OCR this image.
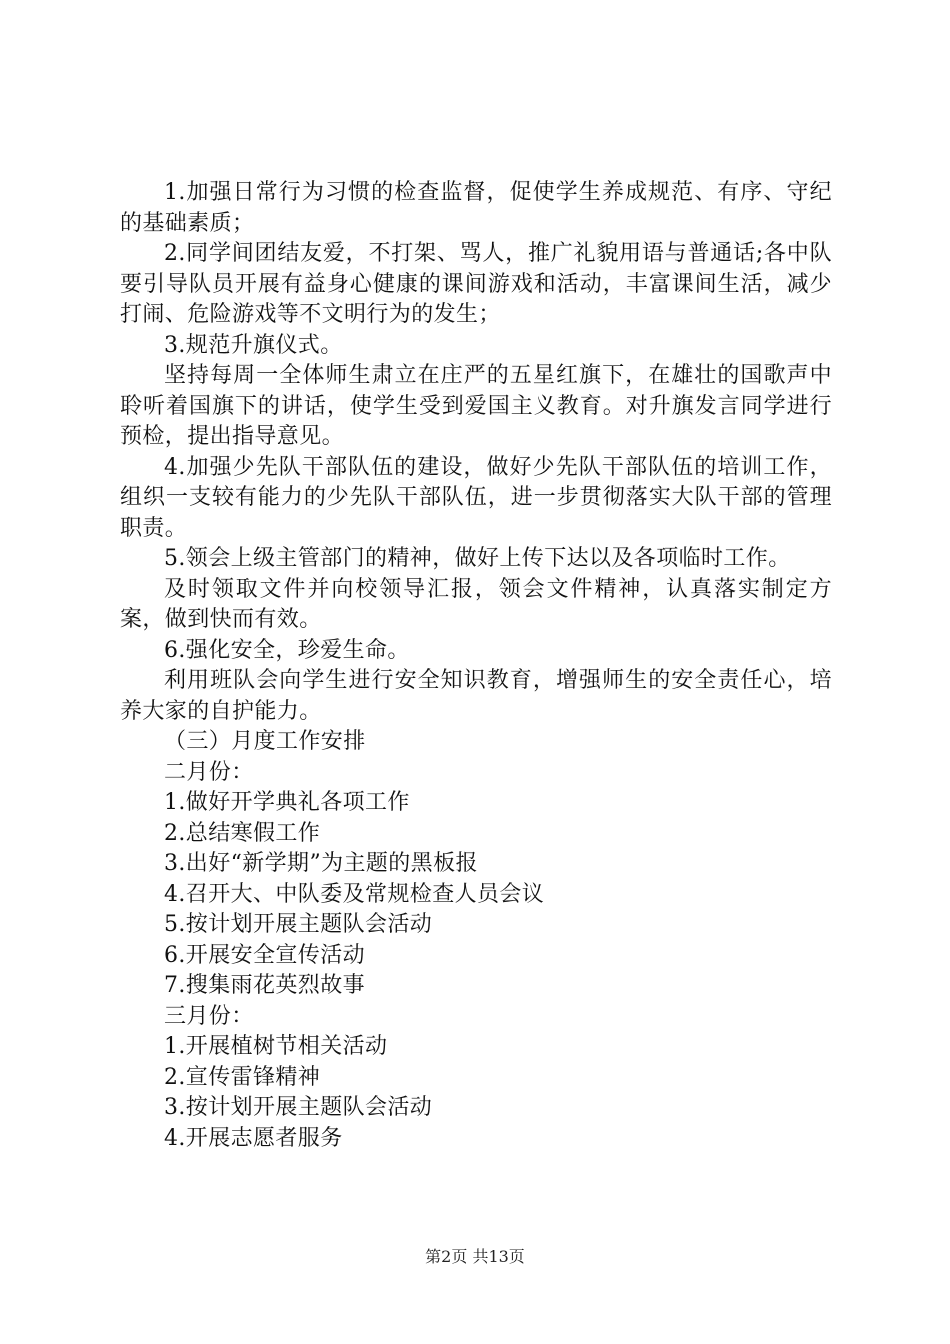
1.加强日常行为习惯的检查监督，促使学生养成规范、有序、守纪的基础素质；

2.同学间团结友爱，不打架、骂人，推广礼貌用语与普通话;各中队要引导队员开展有益身心健康的课间游戏和活动，丰富课间生活，减少打闹、危险游戏等不文明行为的发生；

3.规范升旗仪式。

坚持每周一全体师生肃立在庄严的五星红旗下，在雄壮的国歌声中聆听着国旗下的讲话，使学生受到爱国主义教育。对升旗发言同学进行预检，提出指导意见。

4.加强少先队干部队伍的建设，做好少先队干部队伍的培训工作，组织一支较有能力的少先队干部队伍，进一步贯彻落实大队干部的管理职责。

5.领会上级主管部门的精神，做好上传下达以及各项临时工作。

及时领取文件并向校领导汇报，领会文件精神，认真落实制定方案，做到快而有效。

6.强化安全，珍爱生命。

利用班队会向学生进行安全知识教育，增强师生的安全责任心，培养大家的自护能力。

（三）月度工作安排

二月份：

1.做好开学典礼各项工作

2.总结寒假工作

3.出好“新学期”为主题的黑板报

4.召开大、中队委及常规检查人员会议

5.按计划开展主题队会活动

6.开展安全宣传活动

7.搜集雨花英烈故事

三月份：

1.开展植树节相关活动

2.宣传雷锋精神

3.按计划开展主题队会活动

4.开展志愿者服务

第2页 共13页
